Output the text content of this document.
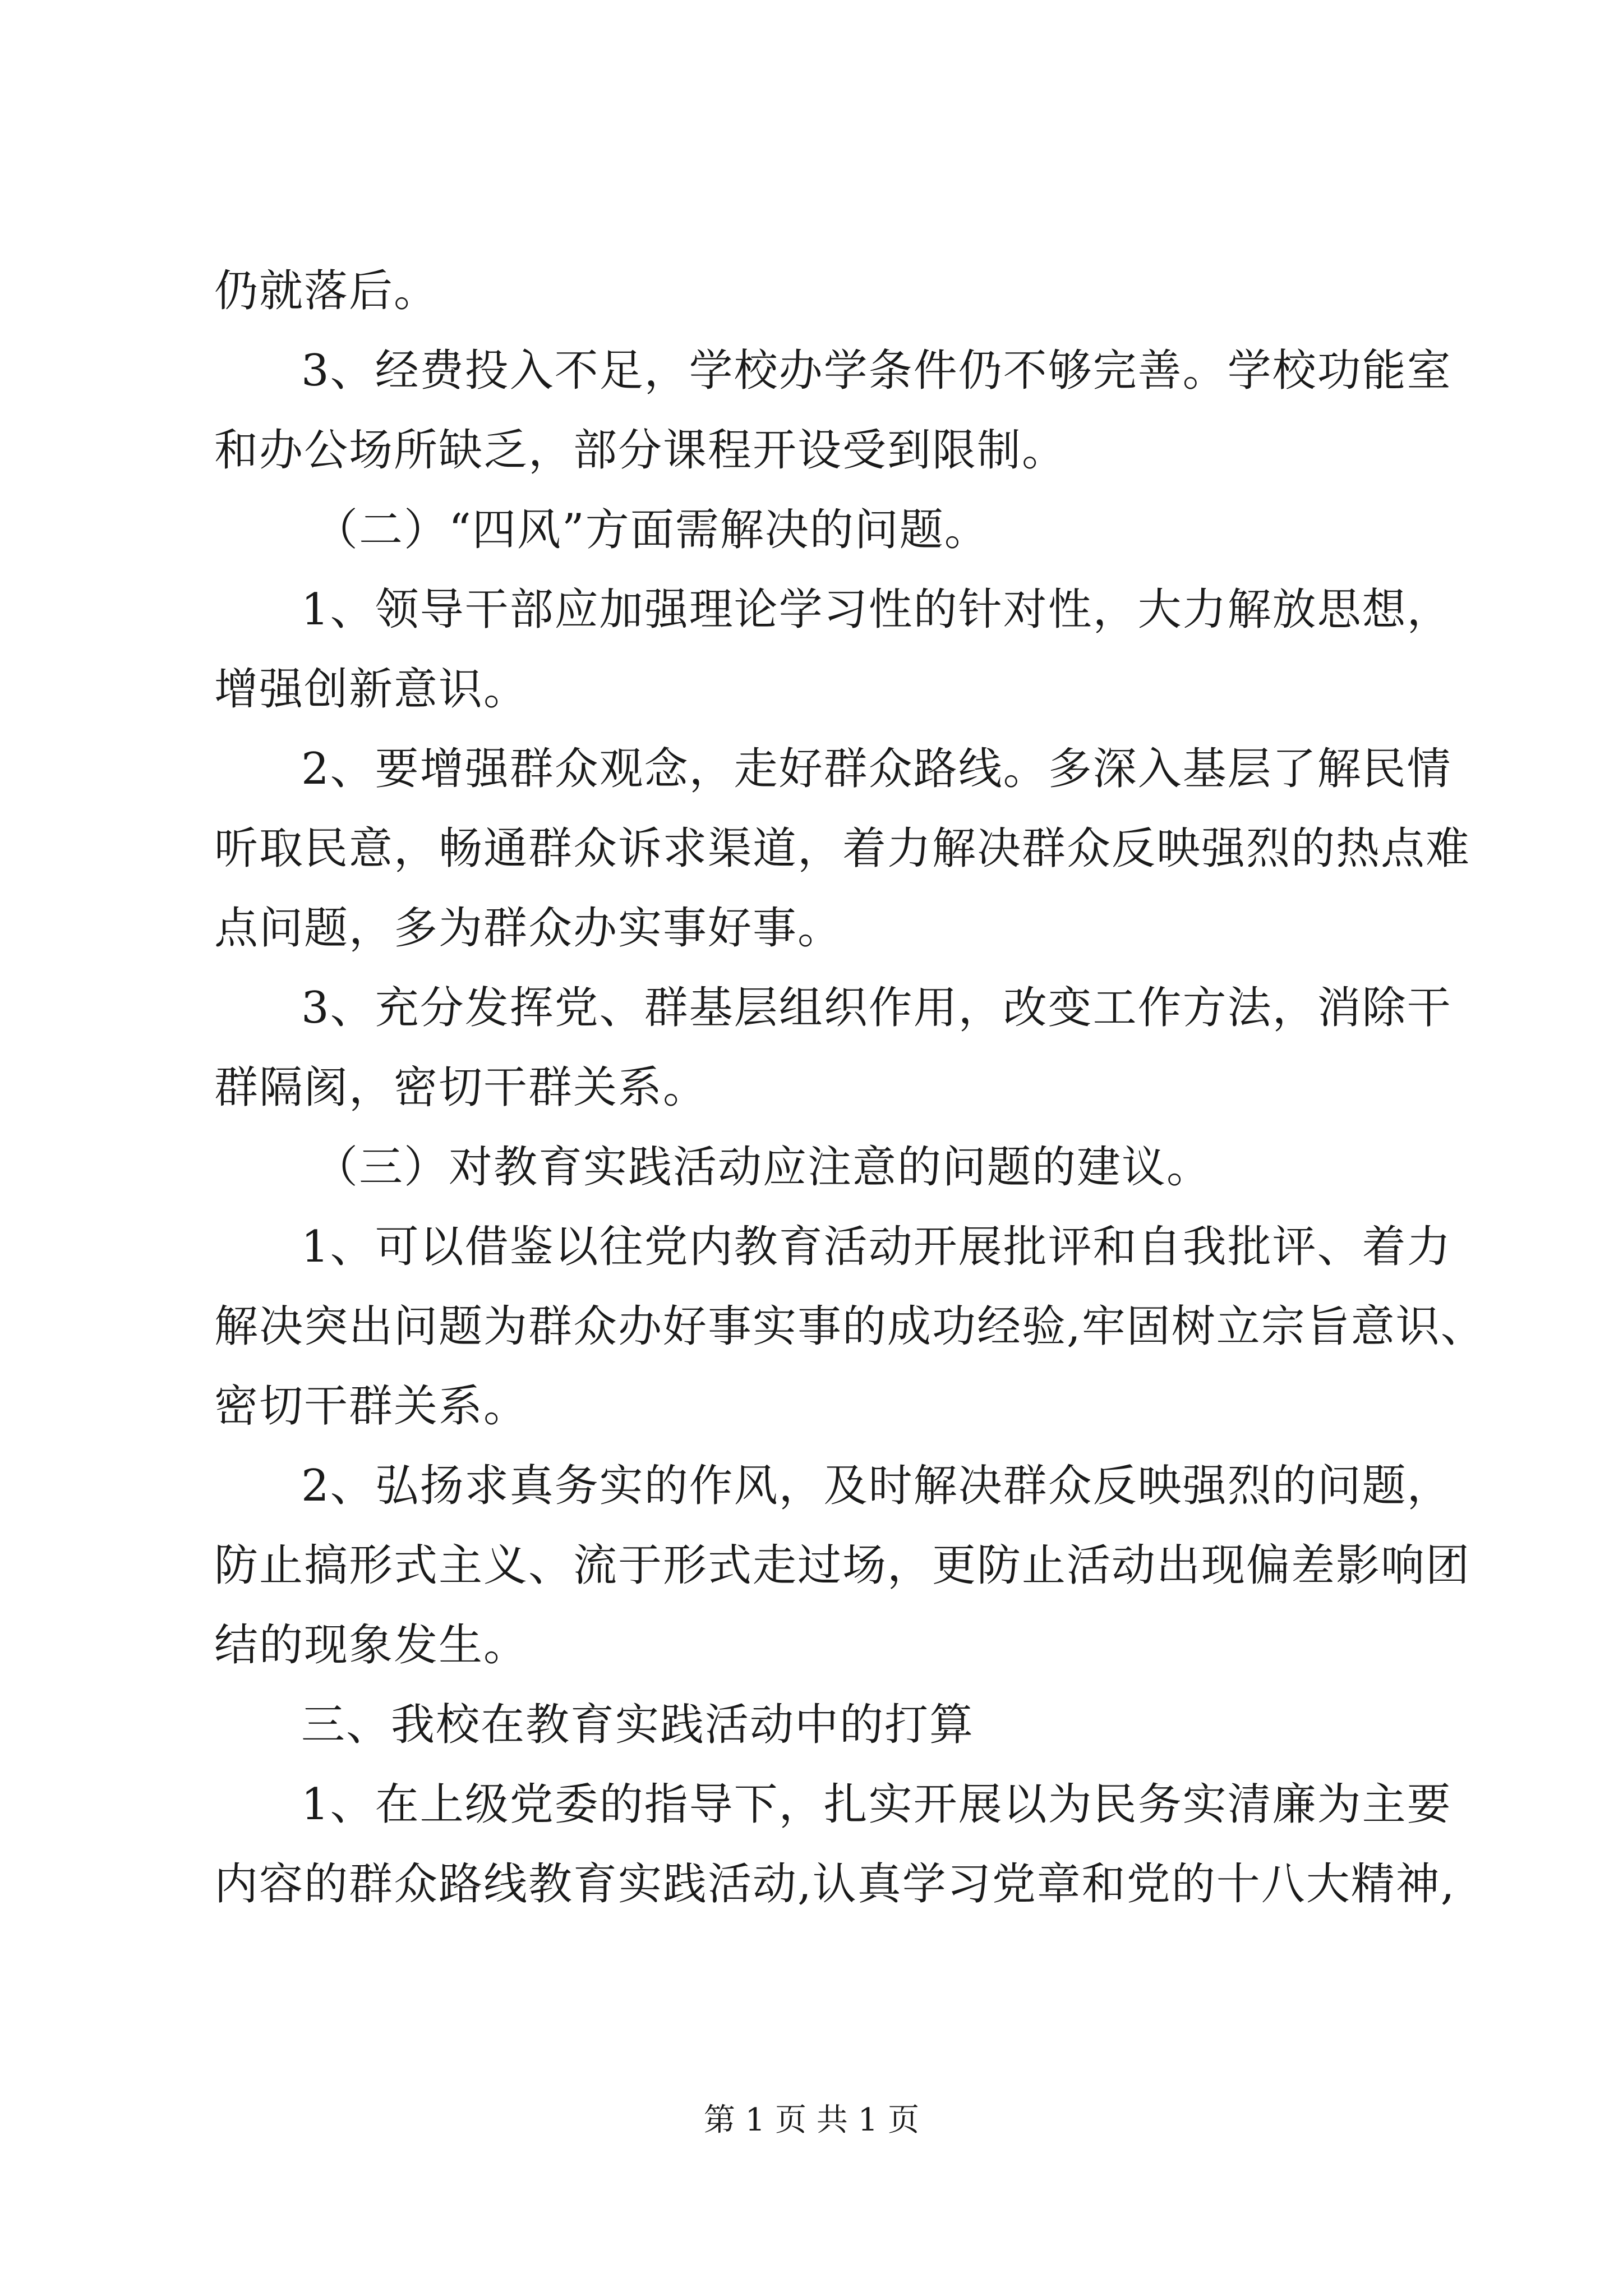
仍就落后。
3、经费投入不足，学校办学条件仍不够完善。学校功能室
和办公场所缺乏，部分课程开设受到限制。
（二）“四风”方面需解决的问题。
1、领导干部应加强理论学习性的针对性，大力解放思想，
增强创新意识。
2、要增强群众观念，走好群众路线。多深入基层了解民情
听取民意，畅通群众诉求渠道，着力解决群众反映强烈的热点难
点问题，多为群众办实事好事。
3、充分发挥党、群基层组织作用，改变工作方法，消除干
群隔阂，密切干群关系。
（三）对教育实践活动应注意的问题的建议。
1、可以借鉴以往党内教育活动开展批评和自我批评、着力
解决突出问题为群众办好事实事的成功经验,牢固树立宗旨意识、
密切干群关系。
2、弘扬求真务实的作风，及时解决群众反映强烈的问题，
防止搞形式主义、流于形式走过场，更防止活动出现偏差影响团
结的现象发生。
三、我校在教育实践活动中的打算
1、在上级党委的指导下，扎实开展以为民务实清廉为主要
内容的群众路线教育实践活动,认真学习党章和党的十八大精神,
第 1 页 共 1 页
